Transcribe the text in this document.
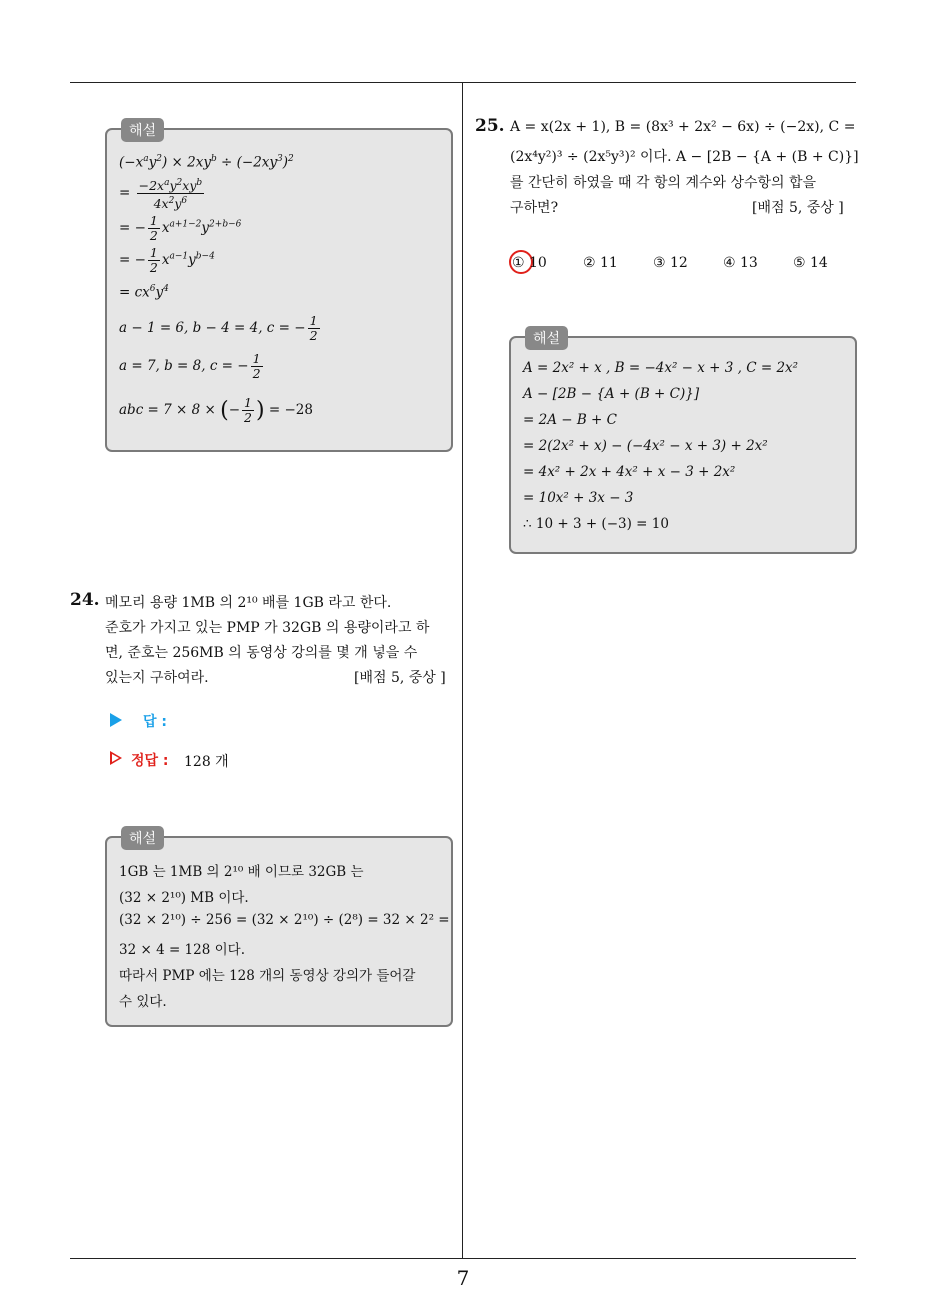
7
해설
$(-x^ay^2) \times 2xy^b \div (-2xy^3)^2$
= $\frac{-2x^ay^2xy^b}{4x^2y^6}$
= − $\frac{1}{2} x^{a+1-2}y^{2+b-6}$
= − $\frac{1}{2} x^{a-1}y^{b-4}$
= $cx^6y^4$
a − 1 = 6, b − 4 = 4, c = − $\frac{1}{2}$
a = 7, b = 8, c = − $\frac{1}{2}$
abc = 7 × 8 × (− $\frac{1}{2}$ ) = −28
24. 메모리 용량 1MB 의 2¹⁰ 배를 1GB 라고 한다.
준호가 가지고 있는 PMP 가 32GB 의 용량이라고 하
면, 준호는 256MB 의 동영상 강의를 몇 개 넣을 수
있는지 구하여라.	[배점 5, 중상 ]
답 :
정답 : 128 개
해설
1GB 는 1MB 의 2¹⁰ 배 이므로 32GB 는
(32 × 2¹⁰) MB 이다.
(32 × 2¹⁰) ÷ 256 = (32 × 2¹⁰) ÷ (2⁸) = 32 × 2² =
32 × 4 = 128 이다.
따라서 PMP 에는 128 개의 동영상 강의가 들어갈
수 있다.
25. A = x(2x + 1), B = (8x³ + 2x² − 6x) ÷ (−2x), C =
(2x⁴y²)³ ÷ (2x⁵y³)² 이다. A − [2B − {A + (B + C)}]
를 간단히 하였을 때 각 항의 계수와 상수항의 합을
구하면?	[배점 5, 중상 ]
① 10	② 11	③ 12	④ 13	⑤ 14
해설
A = 2x² + x , B = −4x² − x + 3 , C = 2x²
A − [2B − {A + (B + C)}]
= 2A − B + C
= 2(2x² + x) − (−4x² − x + 3) + 2x²
= 4x² + 2x + 4x² + x − 3 + 2x²
= 10x² + 3x − 3
∴ 10 + 3 + (−3) = 10
